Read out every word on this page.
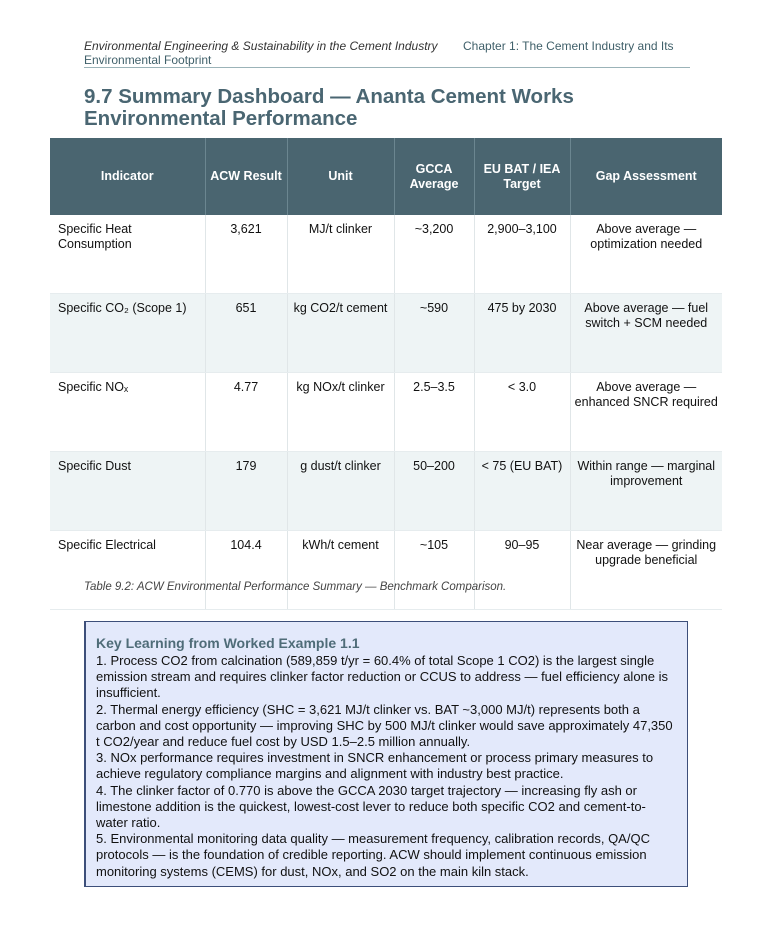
Environmental Engineering & Sustainability in the Cement Industry Chapter 1: The Cement Industry and Its
Environmental Footprint
9.7 Summary Dashboard — Ananta Cement Works Environmental Performance
Indicator	ACW Result	Unit	GCCA Average	EU BAT / IEA Target	Gap Assessment
Specific Heat Consumption	3,621	MJ/t clinker	~3,200	2,900–3,100	Above average — optimization needed
Specific CO₂ (Scope 1)	651	kg CO2/t cement	~590	475 by 2030	Above average — fuel switch + SCM needed
Specific NOₓ	4.77	kg NOx/t clinker	2.5–3.5	< 3.0	Above average — enhanced SNCR required
Specific Dust	179	g dust/t clinker	50–200	< 75 (EU BAT)	Within range — marginal improvement
Specific Electrical	104.4	kWh/t cement	~105	90–95	Near average — grinding upgrade beneficial
Table 9.2: ACW Environmental Performance Summary — Benchmark Comparison.
Key Learning from Worked Example 1.1

1. Process CO2 from calcination (589,859 t/yr = 60.4% of total Scope 1 CO2) is the largest single emission stream and requires clinker factor reduction or CCUS to address — fuel efficiency alone is insufficient.

2. Thermal energy efficiency (SHC = 3,621 MJ/t clinker vs. BAT ~3,000 MJ/t) represents both a carbon and cost opportunity — improving SHC by 500 MJ/t clinker would save approximately 47,350 t CO2/year and reduce fuel cost by USD 1.5–2.5 million annually.

3. NOx performance requires investment in SNCR enhancement or process primary measures to achieve regulatory compliance margins and alignment with industry best practice.

4. The clinker factor of 0.770 is above the GCCA 2030 target trajectory — increasing fly ash or limestone addition is the quickest, lowest-cost lever to reduce both specific CO2 and cement-to-water ratio.

5. Environmental monitoring data quality — measurement frequency, calibration records, QA/QC protocols — is the foundation of credible reporting. ACW should implement continuous emission monitoring systems (CEMS) for dust, NOx, and SO2 on the main kiln stack.
